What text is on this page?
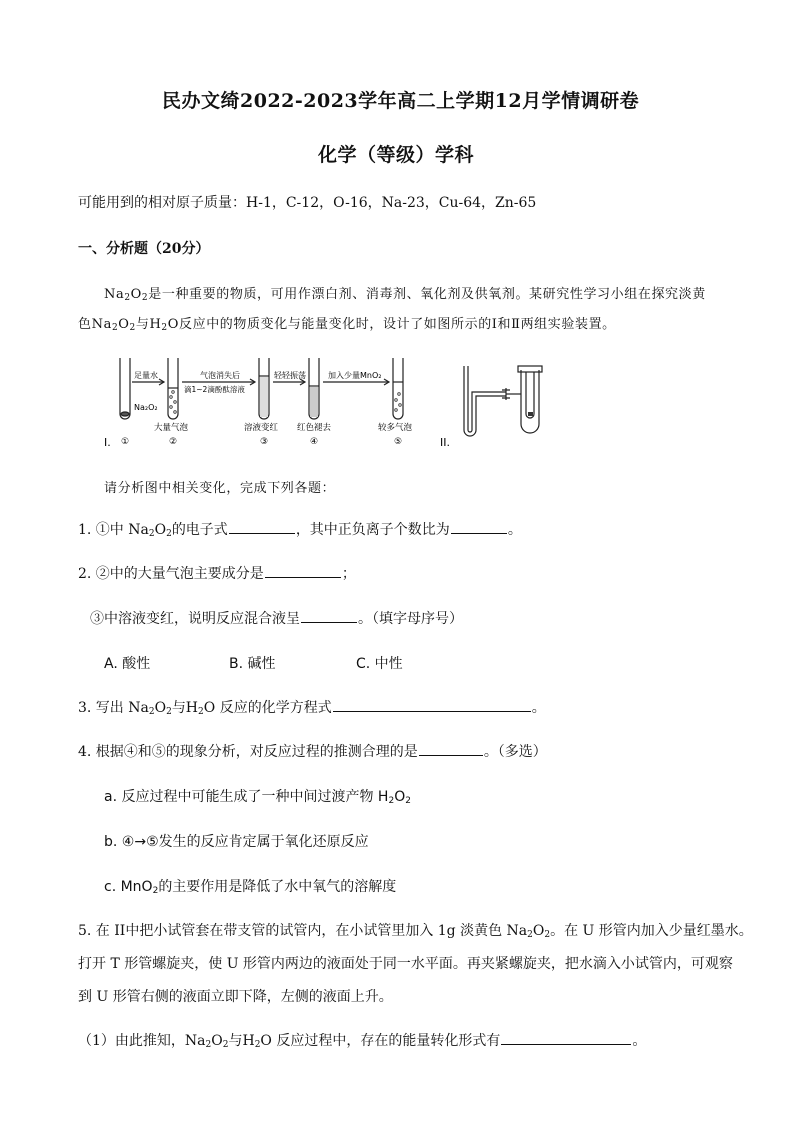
民办文绮2022-2023学年高二上学期12月学情调研卷
化学（等级）学科
可能用到的相对原子质量：H-1，C-12，O-16，Na-23，Cu-64，Zn-65
一、分析题（20分）
$Na_2O_2$是一种重要的物质，可用作漂白剂、消毒剂、氧化剂及供氧剂。某研究性学习小组在探究淡黄
色$Na_2O_2$与$H_2O$反应中的物质变化与能量变化时，设计了如图所示的Ⅰ和Ⅱ两组实验装置。
足量水
Na₂O₂
气泡消失后
滴1~2滴酚酞溶液
轻轻振荡	加入少量MnO₂
大量气泡	溶液变红 红色褪去	较多气泡
①	②	③	④	⑤
I.	II.
请分析图中相关变化，完成下列各题：
1. ①中 $Na_2O_2$的电子式	，其中正负离子个数比为	。
2. ②中的大量气泡主要成分是	；
③中溶液变红，说明反应混合液呈	。（填字母序号）
A. 酸性	B. 碱性	C. 中性
3. 写出 $Na_2O_2$与$H_2O$ 反应的化学方程式	。
4. 根据④和⑤的现象分析，对反应过程的推测合理的是	。（多选）
a. 反应过程中可能生成了一种中间过渡产物 $H_2O_2$
b. ④→⑤发生的反应肯定属于氧化还原反应
c. MnO$_2$的主要作用是降低了水中氧气的溶解度
5. 在 II中把小试管套在带支管的试管内，在小试管里加入 1g 淡黄色 $Na_2O_2$。在 U 形管内加入少量红墨水。
打开 T 形管螺旋夹，使 U 形管内两边的液面处于同一水平面。再夹紧螺旋夹，把水滴入小试管内，可观察
到 U 形管右侧的液面立即下降，左侧的液面上升。
（1）由此推知，$Na_2O_2$与$H_2O$ 反应过程中，存在的能量转化形式有	。
